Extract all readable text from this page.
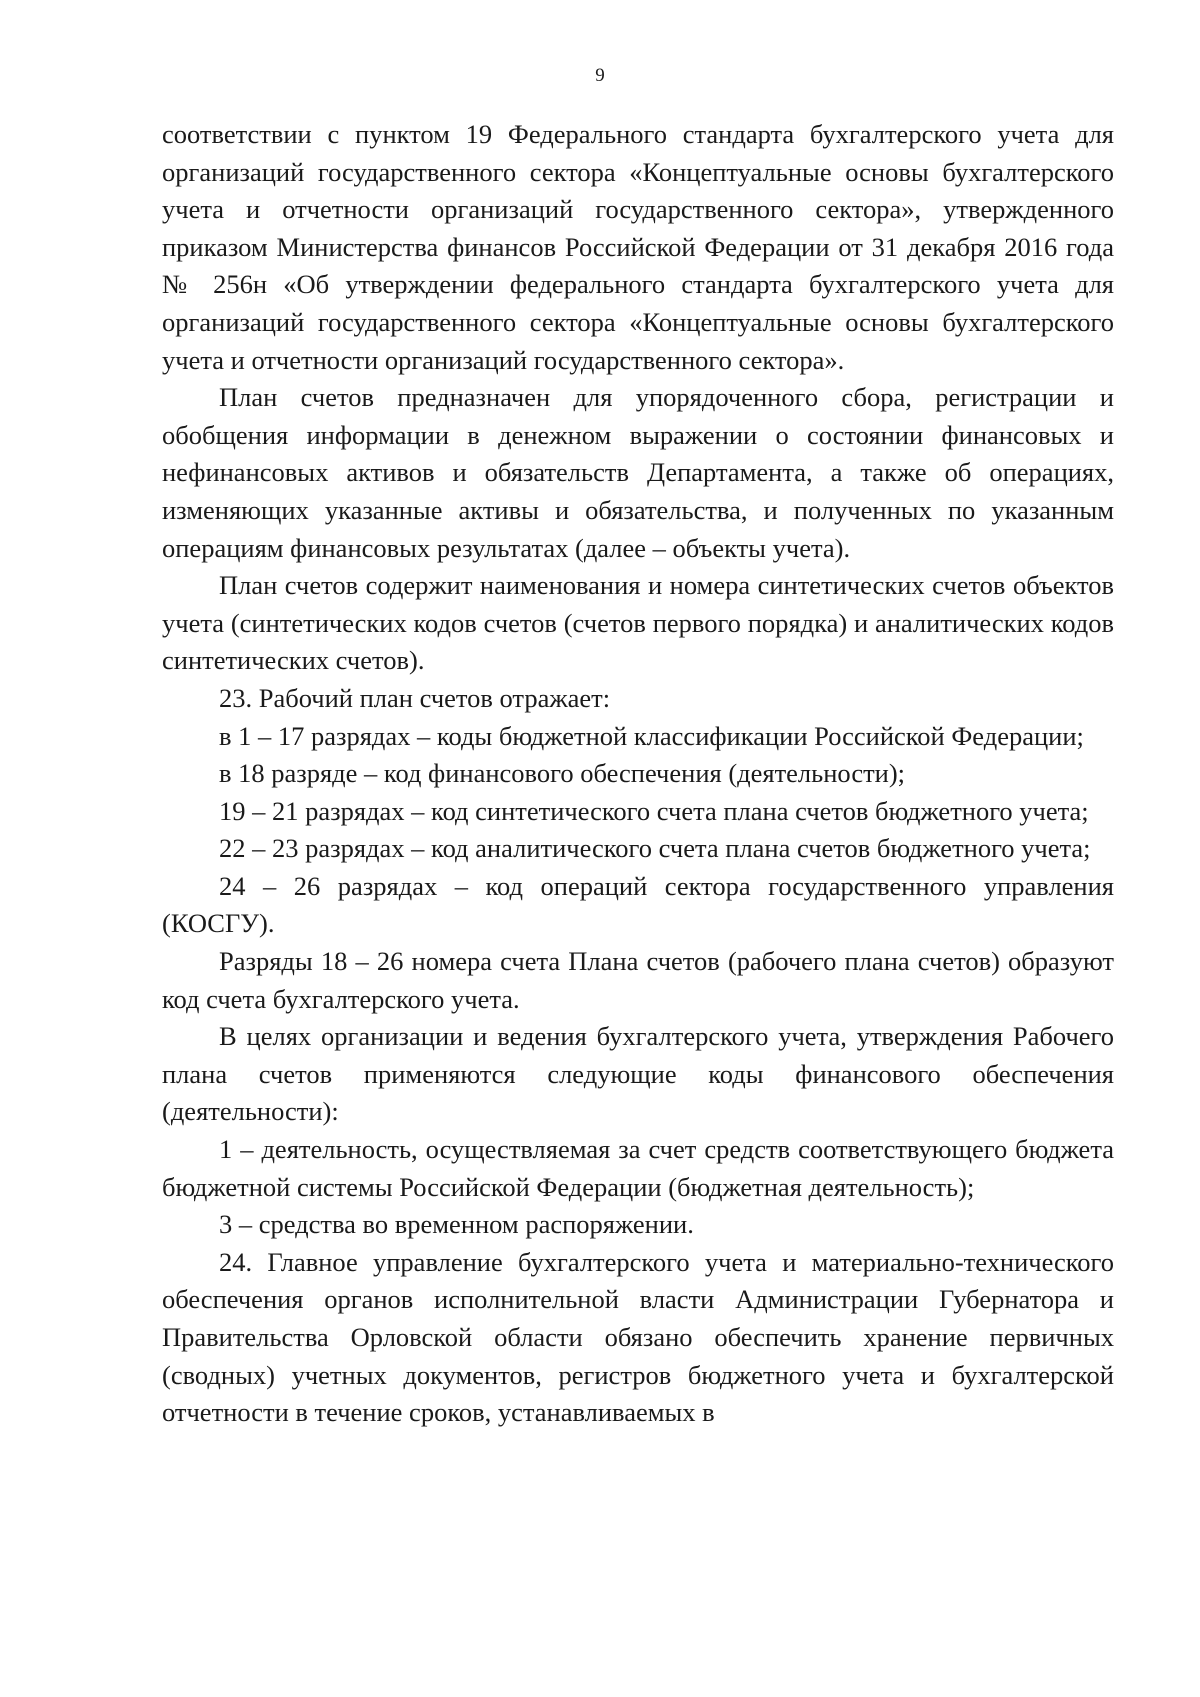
9

соответствии с пунктом 19 Федерального стандарта бухгалтерского учета для организаций государственного сектора «Концептуальные основы бухгалтерского учета и отчетности организаций государственного сектора», утвержденного приказом Министерства финансов Российской Федерации от 31 декабря 2016 года № 256н «Об утверждении федерального стандарта бухгалтерского учета для организаций государственного сектора «Концептуальные основы бухгалтерского учета и отчетности организаций государственного сектора».

План счетов предназначен для упорядоченного сбора, регистрации и обобщения информации в денежном выражении о состоянии финансовых и нефинансовых активов и обязательств Департамента, а также об операциях, изменяющих указанные активы и обязательства, и полученных по указанным операциям финансовых результатах (далее – объекты учета).

План счетов содержит наименования и номера синтетических счетов объектов учета (синтетических кодов счетов (счетов первого порядка) и аналитических кодов синтетических счетов).

23. Рабочий план счетов отражает:

в 1 – 17 разрядах – коды бюджетной классификации Российской Федерации;

в 18 разряде – код финансового обеспечения (деятельности);

19 – 21 разрядах – код синтетического счета плана счетов бюджетного учета;

22 – 23 разрядах – код аналитического счета плана счетов бюджетного учета;

24 – 26 разрядах – код операций сектора государственного управления (КОСГУ).

Разряды 18 – 26 номера счета Плана счетов (рабочего плана счетов) образуют код счета бухгалтерского учета.

В целях организации и ведения бухгалтерского учета, утверждения Рабочего плана счетов применяются следующие коды финансового обеспечения (деятельности):

1 – деятельность, осуществляемая за счет средств соответствующего бюджета бюджетной системы Российской Федерации (бюджетная деятельность);

3 – средства во временном распоряжении.

24. Главное управление бухгалтерского учета и материально-технического обеспечения органов исполнительной власти Администрации Губернатора и Правительства Орловской области обязано обеспечить хранение первичных (сводных) учетных документов, регистров бюджетного учета и бухгалтерской отчетности в течение сроков, устанавливаемых в
